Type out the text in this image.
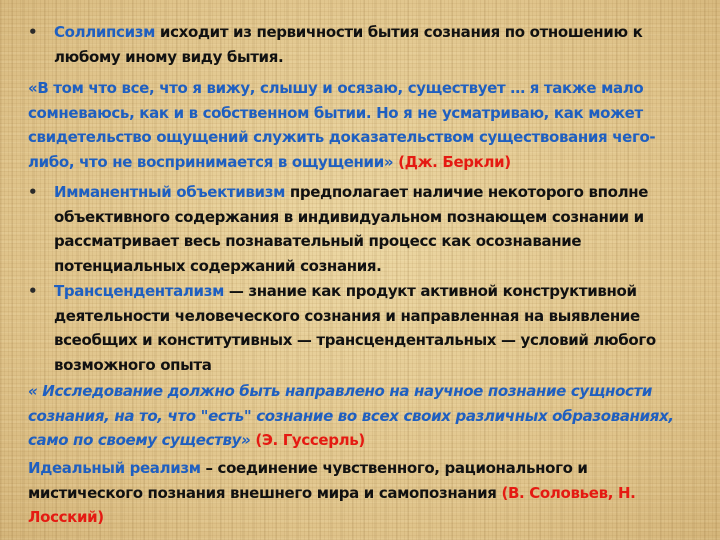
• Соллипсизм исходит из первичности бытия сознания по отношению к любому иному виду бытия.
«В том что все, что я вижу, слышу и осязаю, существует … я также мало сомневаюсь, как и в собственном бытии. Но я не усматриваю, как может свидетельство ощущений служить доказательством существования чего-либо, что не воспринимается в ощущении» (Дж. Беркли)
• Имманентный объективизм предполагает наличие некоторого вполне объективного содержания в индивидуальном познающем сознании и рассматривает весь познавательный процесс как осознавание потенциальных содержаний сознания.
• Трансцендентализм — знание как продукт активной конструктивной деятельности человеческого сознания и направленная на выявление всеобщих и конститутивных — трансцендентальных — условий любого возможного опыта
« Исследование должно быть направлено на научное познание сущности сознания, на то, что "есть" сознание во всех своих различных образованиях, само по своему существу» (Э. Гуссерль)
Идеальный реализм – соединение чувственного, рационального и мистического познания внешнего мира и самопознания (В. Соловьев, Н. Лосский)
